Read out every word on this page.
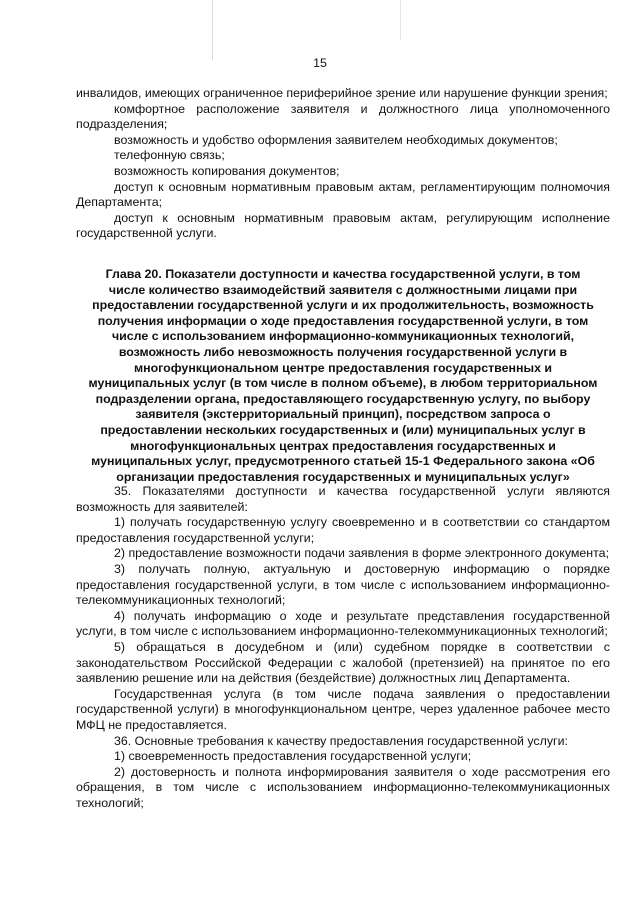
15

инвалидов, имеющих ограниченное периферийное зрение или нарушение функции зрения;

комфортное расположение заявителя и должностного лица уполномоченного подразделения;

возможность и удобство оформления заявителем необходимых документов;

телефонную связь;

возможность копирования документов;

доступ к основным нормативным правовым актам, регламентирующим полномочия Департамента;

доступ к основным нормативным правовым актам, регулирующим исполнение государственной услуги.

Глава 20. Показатели доступности и качества государственной услуги, в том числе количество взаимодействий заявителя с должностными лицами при предоставлении государственной услуги и их продолжительность, возможность получения информации о ходе предоставления государственной услуги, в том числе с использованием информационно-коммуникационных технологий, возможность либо невозможность получения государственной услуги в многофункциональном центре предоставления государственных и муниципальных услуг (в том числе в полном объеме), в любом территориальном подразделении органа, предоставляющего государственную услугу, по выбору заявителя (экстерриториальный принцип), посредством запроса о предоставлении нескольких государственных и (или) муниципальных услуг в многофункциональных центрах предоставления государственных и муниципальных услуг, предусмотренного статьей 15-1 Федерального закона «Об организации предоставления государственных и муниципальных услуг»

35. Показателями доступности и качества государственной услуги являются возможность для заявителей:

1) получать государственную услугу своевременно и в соответствии со стандартом предоставления государственной услуги;

2) предоставление возможности подачи заявления в форме электронного документа;

3) получать полную, актуальную и достоверную информацию о порядке предоставления государственной услуги, в том числе с использованием информационно-телекоммуникационных технологий;

4) получать информацию о ходе и результате представления государственной услуги, в том числе с использованием информационно-телекоммуникационных технологий;

5) обращаться в досудебном и (или) судебном порядке в соответствии с законодательством Российской Федерации с жалобой (претензией) на принятое по его заявлению решение или на действия (бездействие) должностных лиц Департамента.

Государственная услуга (в том числе подача заявления о предоставлении государственной услуги) в многофункциональном центре, через удаленное рабочее место МФЦ не предоставляется.

36. Основные требования к качеству предоставления государственной услуги:

1) своевременность предоставления государственной услуги;

2) достоверность и полнота информирования заявителя о ходе рассмотрения его обращения, в том числе с использованием информационно-телекоммуникационных технологий;
